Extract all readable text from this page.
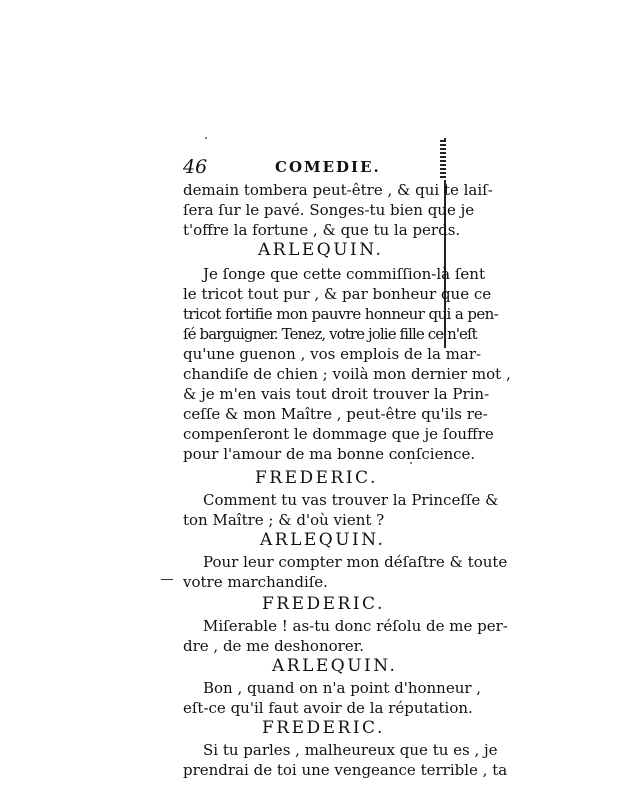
46	COMEDIE.
demain tombera peut-être , & qui te laiſ-
ſera ſur le pavé. Songes-tu bien que je
t'offre la fortune , & que tu la perds.
ARLEQUIN.
Je ſonge que cette commiſſion-là ſent
le tricot tout pur , & par bonheur que ce
tricot fortifie mon pauvre honneur qui a pen-
ſé barguigner. Tenez, votre jolie fille ce n'eſt
qu'une guenon , vos emplois de la mar-
chandiſe de chien ; voilà mon dernier mot ,
& je m'en vais tout droit trouver la Prin-
ceſſe & mon Maître , peut-être qu'ils re-
compenſeront le dommage que je ſouffre
pour l'amour de ma bonne conſcience.
FREDERIC.
Comment tu vas trouver la Princeſſe &
ton Maître ; & d'où vient ?
ARLEQUIN.
Pour leur compter mon déſaſtre & toute
votre marchandiſe.
FREDERIC.
Miſerable ! as-tu donc réſolu de me per-
dre , de me deshonorer.
ARLEQUIN.
Bon , quand on n'a point d'honneur ,
eſt-ce qu'il faut avoir de la réputation.
FREDERIC.
Si tu parles , malheureux que tu es , je
prendrai de toi une vengeance terrible , ta
